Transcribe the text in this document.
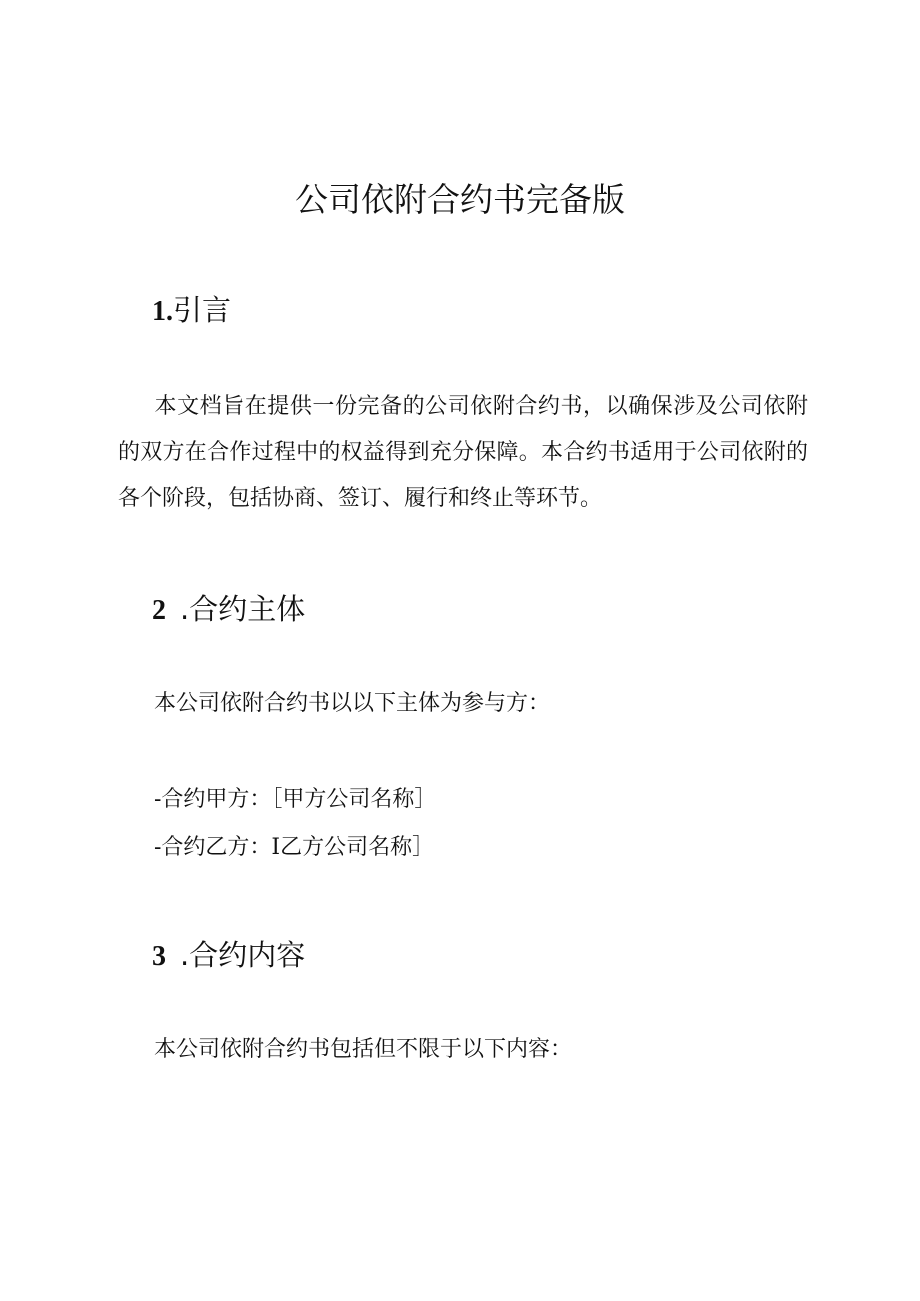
公司依附合约书完备版
1.引言
本文档旨在提供一份完备的公司依附合约书，以确保涉及公司依附的双方在合作过程中的权益得到充分保障。本合约书适用于公司依附的各个阶段，包括协商、签订、履行和终止等环节。
2 .合约主体
本公司依附合约书以以下主体为参与方：
-合约甲方：［甲方公司名称］
-合约乙方：I乙方公司名称］
3 .合约内容
本公司依附合约书包括但不限于以下内容：
